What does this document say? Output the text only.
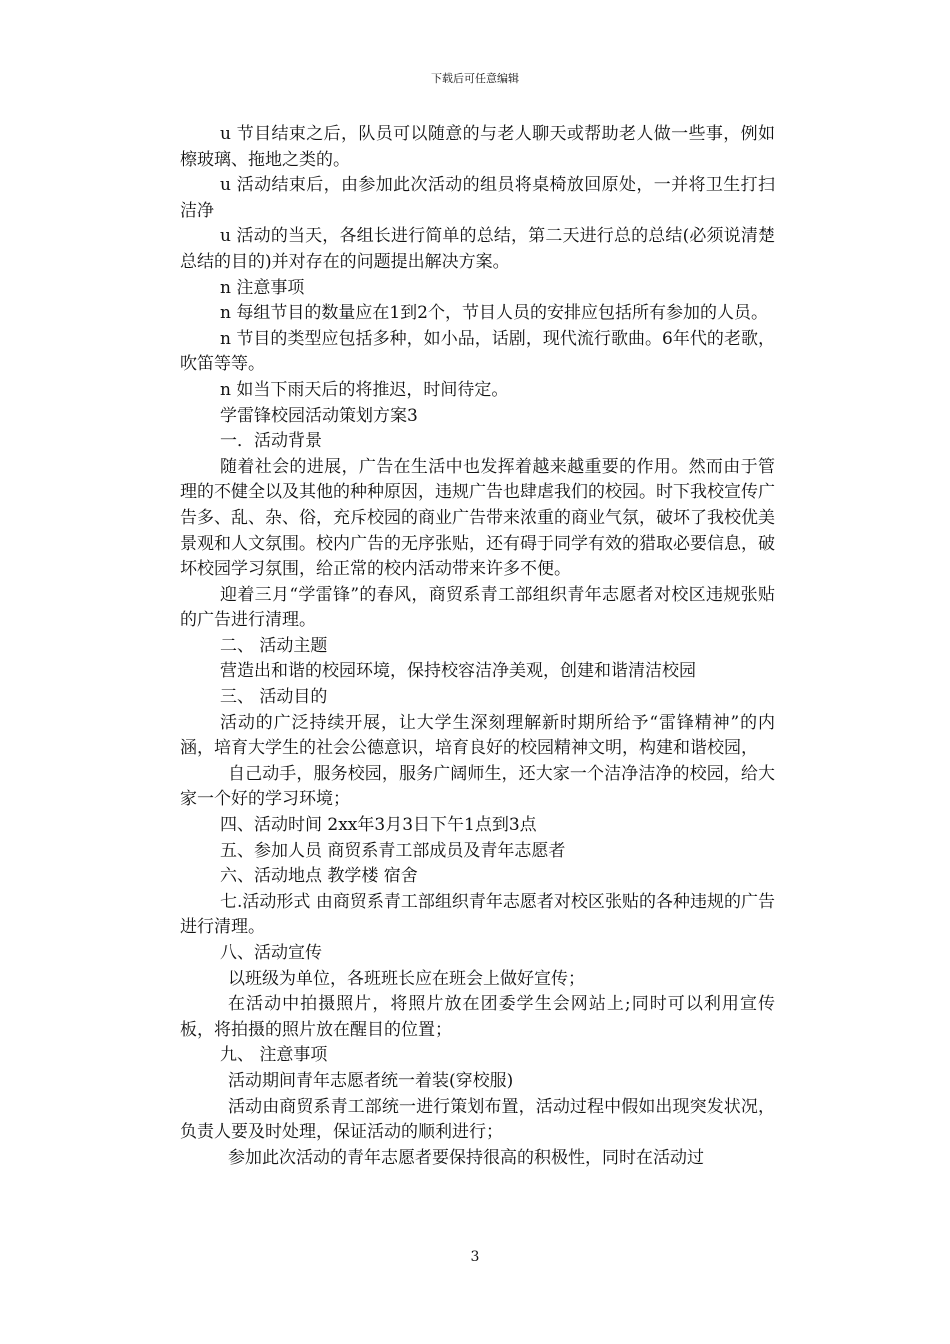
下载后可任意编辑

u 节目结束之后，队员可以随意的与老人聊天或帮助老人做一些事，例如檫玻璃、拖地之类的。

u 活动结束后，由参加此次活动的组员将桌椅放回原处，一并将卫生打扫洁净

u 活动的当天，各组长进行简单的总结，第二天进行总的总结(必须说清楚总结的目的)并对存在的问题提出解决方案。

n 注意事项

n 每组节目的数量应在1到2个，节目人员的安排应包括所有参加的人员。

n 节目的类型应包括多种，如小品，话剧，现代流行歌曲。6年代的老歌，吹笛等等。

n 如当下雨天后的将推迟，时间待定。

学雷锋校园活动策划方案3

一．活动背景

随着社会的进展，广告在生活中也发挥着越来越重要的作用。然而由于管理的不健全以及其他的种种原因，违规广告也肆虐我们的校园。时下我校宣传广告多、乱、杂、俗，充斥校园的商业广告带来浓重的商业气氛，破坏了我校优美景观和人文氛围。校内广告的无序张贴，还有碍于同学有效的猎取必要信息，破坏校园学习氛围，给正常的校内活动带来许多不便。

迎着三月“学雷锋”的春风，商贸系青工部组织青年志愿者对校区违规张贴的广告进行清理。

二、 活动主题

营造出和谐的校园环境，保持校容洁净美观，创建和谐清洁校园

三、 活动目的

活动的广泛持续开展，让大学生深刻理解新时期所给予“雷锋精神”的内涵，培育大学生的社会公德意识，培育良好的校园精神文明，构建和谐校园，

自己动手，服务校园，服务广阔师生，还大家一个洁净洁净的校园，给大家一个好的学习环境；

四、活动时间 2xx年3月3日下午1点到3点

五、参加人员 商贸系青工部成员及青年志愿者

六、活动地点 教学楼 宿舍

七.活动形式 由商贸系青工部组织青年志愿者对校区张贴的各种违规的广告进行清理。

八、活动宣传

以班级为单位，各班班长应在班会上做好宣传；

在活动中拍摄照片，将照片放在团委学生会网站上;同时可以利用宣传板，将拍摄的照片放在醒目的位置；

九、 注意事项

活动期间青年志愿者统一着装(穿校服)

活动由商贸系青工部统一进行策划布置，活动过程中假如出现突发状况，负责人要及时处理，保证活动的顺利进行；

参加此次活动的青年志愿者要保持很高的积极性，同时在活动过

3
